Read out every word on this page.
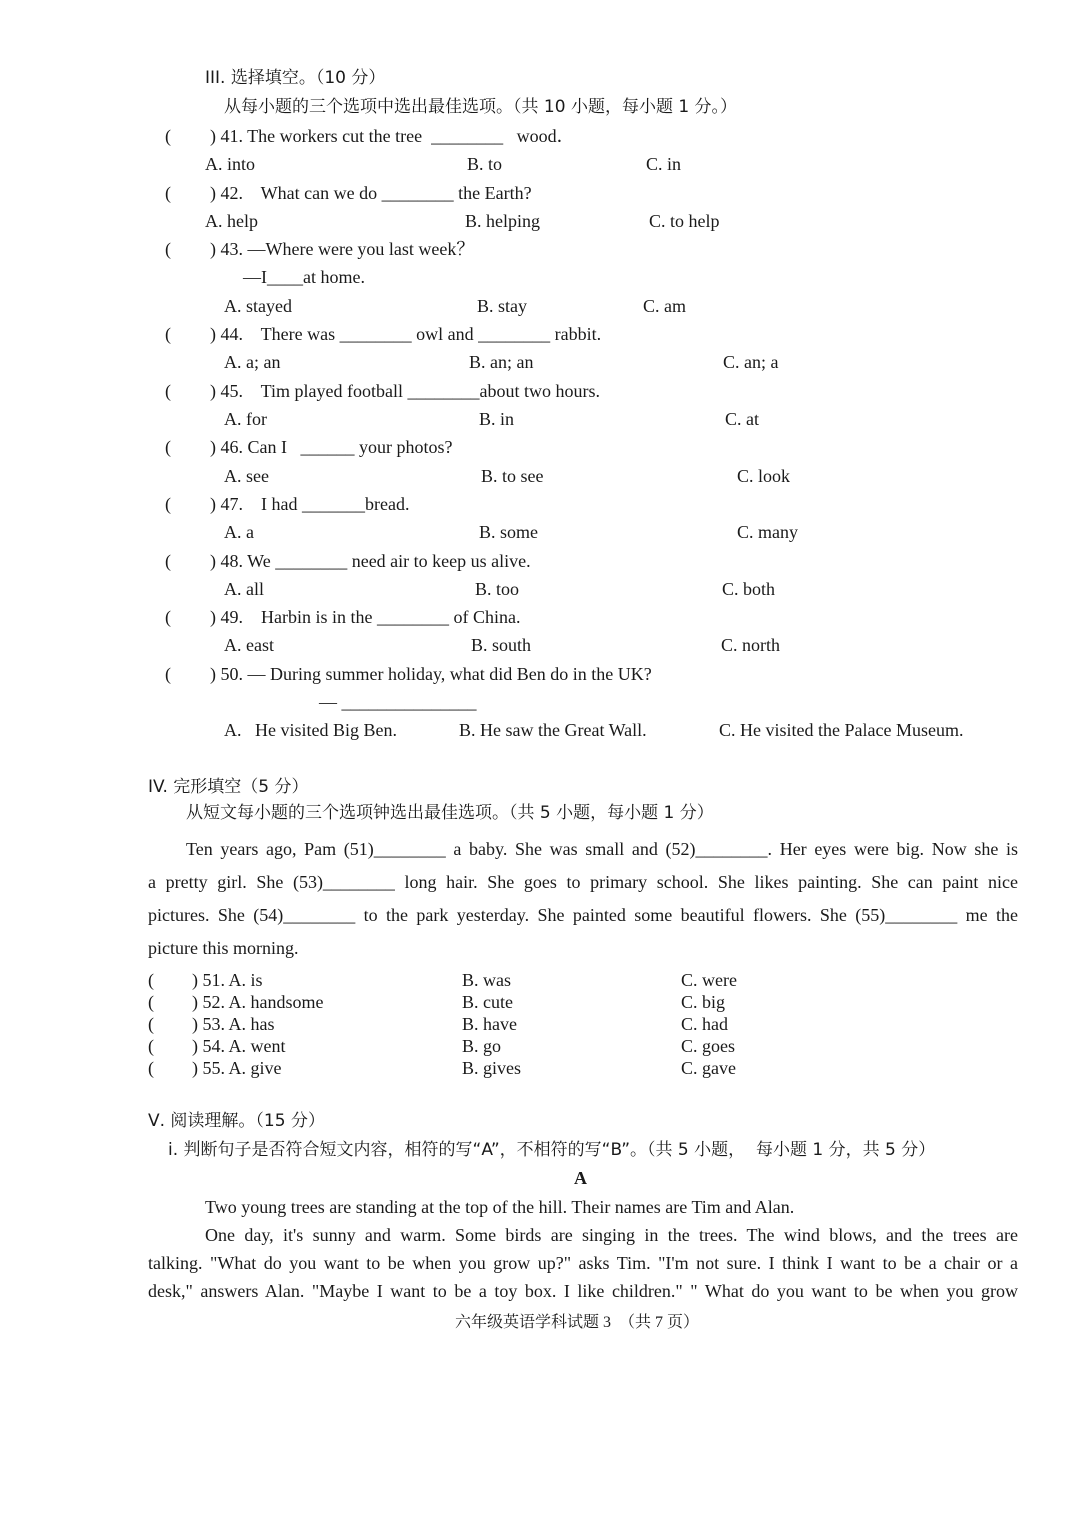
III. 选择填空。（10 分）
从每小题的三个选项中选出最佳选项。（共 10 小题，每小题 1 分。）
( ) 41. The workers cut the tree  ________   wood．
A. into	B. to	C. in
( ) 42.    What can we do ________ the Earth?
A. help	B. helping	C. to help
( ) 43. —Where were you last week？
—I____at home.
A. stayed	B. stay	C. am
( ) 44.    There was ________ owl and ________ rabbit.
A. a; an	B. an; an	C. an; a
( ) 45.    Tim played football ________about two hours.
A. for	B. in	C. at
( ) 46. Can I   ______ your photos?
A. see	B. to see	C. look
( ) 47.    I had _______bread.
A. a	B. some	C. many
( ) 48. We ________ need air to keep us alive.
A. all	B. too	C. both
( ) 49.    Harbin is in the ________ of China.
A. east	B. south	C. north
( ) 50. — During summer holiday, what did Ben do in the UK?
— _______________
A.   He visited Big Ben.	B. He saw the Great Wall.	C. He visited the Palace Museum.
IV. 完形填空（5 分）
从短文每小题的三个选项钟选出最佳选项。（共 5 小题，每小题 1 分）
Ten years ago, Pam (51)________ a baby. She was small and (52)________. Her eyes were big. Now she is
a pretty girl. She (53)________ long hair. She goes to primary school. She likes painting. She can paint nice
pictures. She (54)________ to the park yesterday. She painted some beautiful flowers. She (55)________ me the
picture this morning.
( ) 51. A. is	B. was	C. were
( ) 52. A. handsome	B. cute	C. big
( ) 53. A. has	B. have	C. had
( ) 54. A. went	B. go	C. goes
( ) 55. A. give	B. gives	C. gave
Ⅴ. 阅读理解。（15 分）
ⅰ. 判断句子是否符合短文内容，相符的写“A”，不相符的写“B”。（共 5 小题，  每小题 1 分，共 5 分）
A
Two young trees are standing at the top of the hill. Their names are Tim and Alan.
One day, it's sunny and warm. Some birds are singing in the trees. The wind blows, and the trees are
talking. "What do you want to be when you grow up?" asks Tim. "I'm not sure. I think I want to be a chair or a
desk," answers Alan. "Maybe I want to be a toy box. I like children." " What do you want to be when you grow
六年级英语学科试题 3  （共 7 页）
